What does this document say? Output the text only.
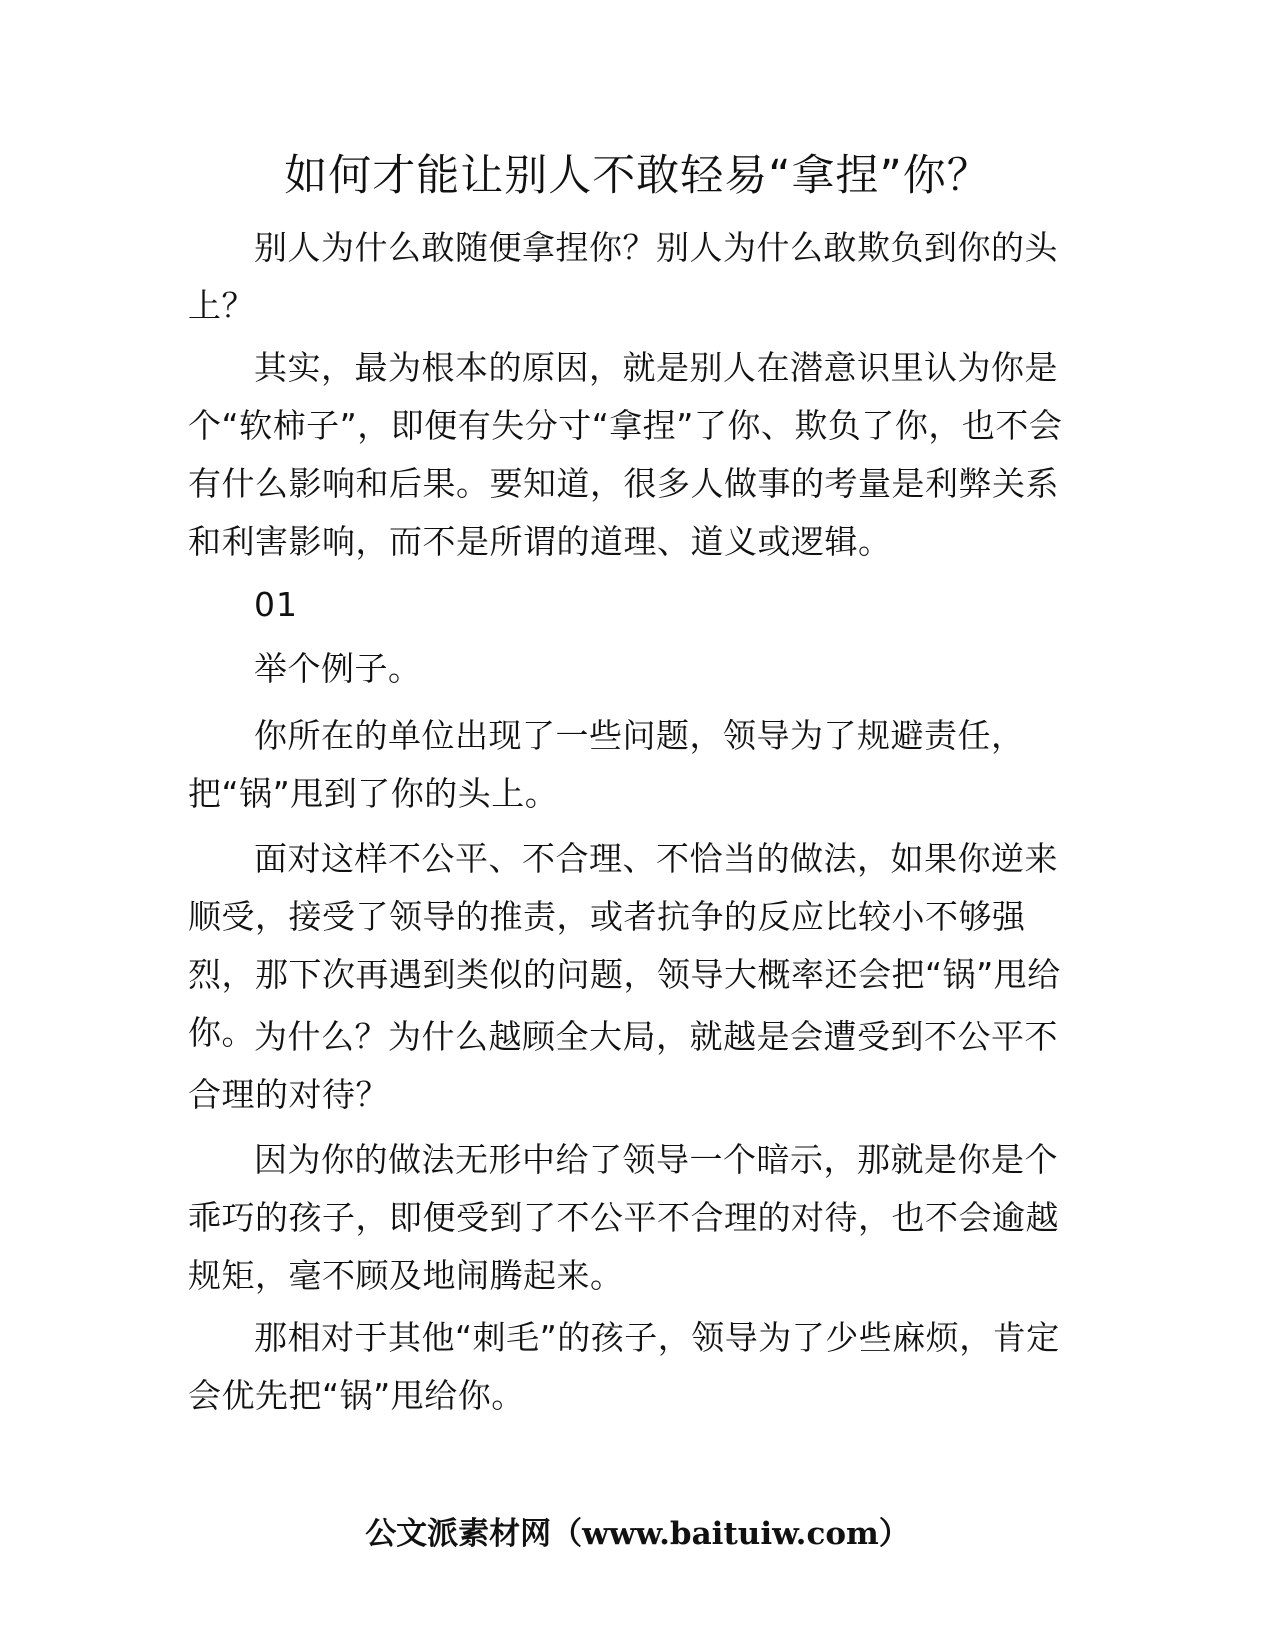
如何才能让别人不敢轻易“拿捏”你？

别人为什么敢随便拿捏你？别人为什么敢欺负到你的头上？

其实，最为根本的原因，就是别人在潜意识里认为你是个“软柿子”，即便有失分寸“拿捏”了你、欺负了你，也不会有什么影响和后果。要知道，很多人做事的考量是利弊关系和利害影响，而不是所谓的道理、道义或逻辑。

01

举个例子。

你所在的单位出现了一些问题，领导为了规避责任，把“锅”甩到了你的头上。

面对这样不公平、不合理、不恰当的做法，如果你逆来顺受，接受了领导的推责，或者抗争的反应比较小不够强烈，那下次再遇到类似的问题，领导大概率还会把“锅”甩给你。 为什么？为什么越顾全大局，就越是会遭受到不公平不合理的对待？

因为你的做法无形中给了领导一个暗示，那就是你是个乖巧的孩子，即便受到了不公平不合理的对待，也不会逾越规矩，毫不顾及地闹腾起来。

那相对于其他“刺毛”的孩子，领导为了少些麻烦，肯定会优先把“锅”甩给你。

公文派素材网（www.baituiw.com）
